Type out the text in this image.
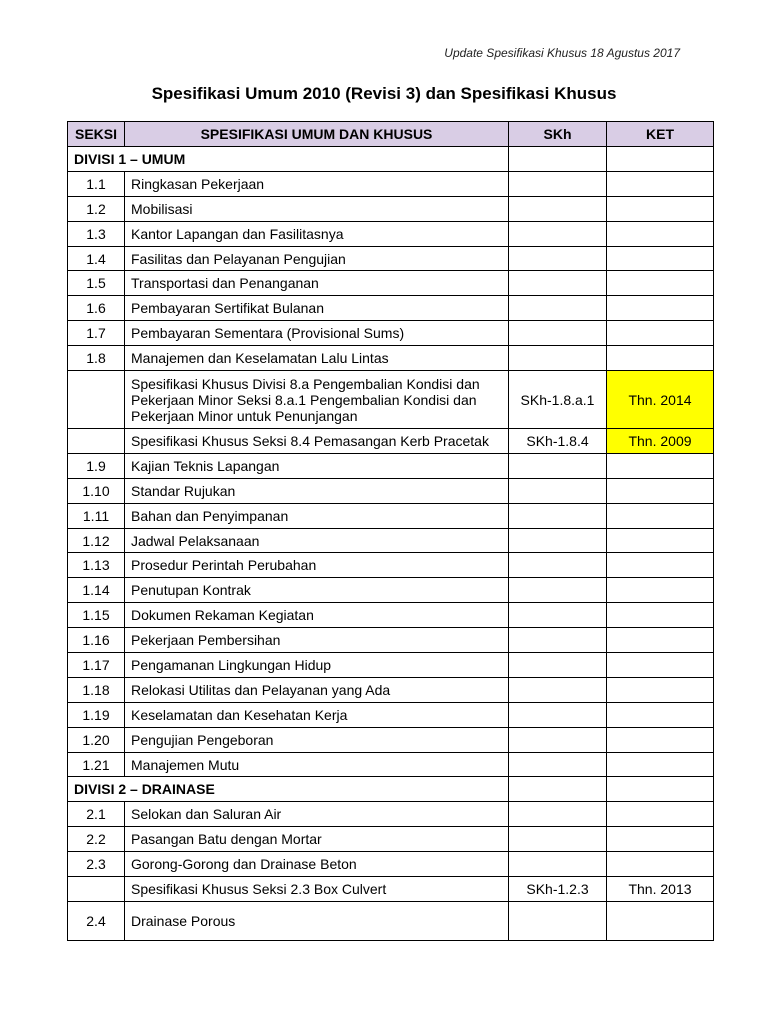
Update Spesifikasi Khusus 18 Agustus 2017
Spesifikasi Umum 2010 (Revisi 3) dan Spesifikasi Khusus
SEKSI	SPESIFIKASI UMUM DAN KHUSUS	SKh	KET
DIVISI 1 – UMUM			
1.1	Ringkasan Pekerjaan		
1.2	Mobilisasi		
1.3	Kantor Lapangan dan Fasilitasnya		
1.4	Fasilitas dan Pelayanan Pengujian		
1.5	Transportasi dan Penanganan		
1.6	Pembayaran Sertifikat Bulanan		
1.7	Pembayaran Sementara (Provisional Sums)		
1.8	Manajemen dan Keselamatan Lalu Lintas		
	Spesifikasi Khusus Divisi 8.a Pengembalian Kondisi dan Pekerjaan Minor Seksi 8.a.1 Pengembalian Kondisi dan Pekerjaan Minor untuk Penunjangan	SKh-1.8.a.1	Thn. 2014
	Spesifikasi Khusus Seksi 8.4 Pemasangan Kerb Pracetak	SKh-1.8.4	Thn. 2009
1.9	Kajian Teknis Lapangan		
1.10	Standar Rujukan		
1.11	Bahan dan Penyimpanan		
1.12	Jadwal Pelaksanaan		
1.13	Prosedur Perintah Perubahan		
1.14	Penutupan Kontrak		
1.15	Dokumen Rekaman Kegiatan		
1.16	Pekerjaan Pembersihan		
1.17	Pengamanan Lingkungan Hidup		
1.18	Relokasi Utilitas dan Pelayanan yang Ada		
1.19	Keselamatan dan Kesehatan Kerja		
1.20	Pengujian Pengeboran		
1.21	Manajemen Mutu		
DIVISI 2 – DRAINASE			
2.1	Selokan dan Saluran Air		
2.2	Pasangan Batu dengan Mortar		
2.3	Gorong-Gorong dan Drainase Beton		
	Spesifikasi Khusus Seksi 2.3 Box Culvert	SKh-1.2.3	Thn. 2013
2.4	Drainase Porous		
